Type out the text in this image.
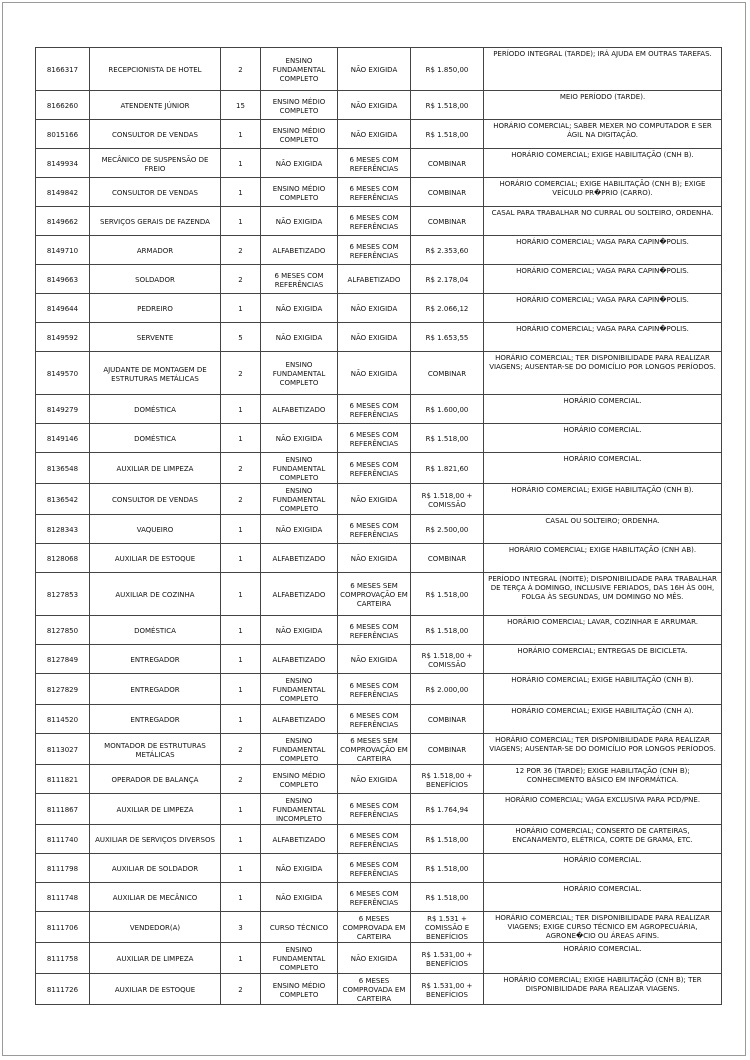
8166317	RECEPCIONISTA DE HOTEL	2	ENSINO FUNDAMENTAL COMPLETO	NÃO EXIGIDA	R$ 1.850,00	PERÍODO INTEGRAL (TARDE); IRÁ AJUDA EM OUTRAS TAREFAS.
8166260	ATENDENTE JÚNIOR	15	ENSINO MÉDIO COMPLETO	NÃO EXIGIDA	R$ 1.518,00	MEIO PERÍODO (TARDE).
8015166	CONSULTOR DE VENDAS	1	ENSINO MÉDIO COMPLETO	NÃO EXIGIDA	R$ 1.518,00	HORÁRIO COMERCIAL; SABER MEXER NO COMPUTADOR E SER ÁGIL NA DIGITAÇÃO.
8149934	MECÂNICO DE SUSPENSÃO DE FREIO	1	NÃO EXIGIDA	6 MESES COM REFERÊNCIAS	COMBINAR	HORÁRIO COMERCIAL; EXIGE HABILITAÇÃO (CNH B).
8149842	CONSULTOR DE VENDAS	1	ENSINO MÉDIO COMPLETO	6 MESES COM REFERÊNCIAS	COMBINAR	HORÁRIO COMERCIAL; EXIGE HABILITAÇÃO (CNH B); EXIGE VEÍCULO PR�PRIO (CARRO).
8149662	SERVIÇOS GERAIS DE FAZENDA	1	NÃO EXIGIDA	6 MESES COM REFERÊNCIAS	COMBINAR	CASAL PARA TRABALHAR NO CURRAL OU SOLTEIRO, ORDENHA.
8149710	ARMADOR	2	ALFABETIZADO	6 MESES COM REFERÊNCIAS	R$ 2.353,60	HORÁRIO COMERCIAL; VAGA PARA CAPIN�POLIS.
8149663	SOLDADOR	2	6 MESES COM REFERÊNCIAS	ALFABETIZADO	R$ 2.178,04	HORÁRIO COMERCIAL; VAGA PARA CAPIN�POLIS.
8149644	PEDREIRO	1	NÃO EXIGIDA	NÃO EXIGIDA	R$ 2.066,12	HORÁRIO COMERCIAL; VAGA PARA CAPIN�POLIS.
8149592	SERVENTE	5	NÃO EXIGIDA	NÃO EXIGIDA	R$ 1.653,55	HORÁRIO COMERCIAL; VAGA PARA CAPIN�POLIS.
8149570	AJUDANTE DE MONTAGEM DE ESTRUTURAS METÁLICAS	2	ENSINO FUNDAMENTAL COMPLETO	NÃO EXIGIDA	COMBINAR	HORÁRIO COMERCIAL; TER DISPONIBILIDADE PARA REALIZAR VIAGENS; AUSENTAR-SE DO DOMICÍLIO POR LONGOS PERÍODOS.
8149279	DOMÉSTICA	1	ALFABETIZADO	6 MESES COM REFERÊNCIAS	R$ 1.600,00	HORÁRIO COMERCIAL.
8149146	DOMÉSTICA	1	NÃO EXIGIDA	6 MESES COM REFERÊNCIAS	R$ 1.518,00	HORÁRIO COMERCIAL.
8136548	AUXILIAR DE LIMPEZA	2	ENSINO FUNDAMENTAL COMPLETO	6 MESES COM REFERÊNCIAS	R$ 1.821,60	HORÁRIO COMERCIAL.
8136542	CONSULTOR DE VENDAS	2	ENSINO FUNDAMENTAL COMPLETO	NÃO EXIGIDA	R$ 1.518,00 + COMISSÃO	HORÁRIO COMERCIAL; EXIGE HABILITAÇÃO (CNH B).
8128343	VAQUEIRO	1	NÃO EXIGIDA	6 MESES COM REFERÊNCIAS	R$ 2.500,00	CASAL OU SOLTEIRO; ORDENHA.
8128068	AUXILIAR DE ESTOQUE	1	ALFABETIZADO	NÃO EXIGIDA	COMBINAR	HORÁRIO COMERCIAL; EXIGE HABILITAÇÃO (CNH AB).
8127853	AUXILIAR DE COZINHA	1	ALFABETIZADO	6 MESES SEM COMPROVAÇÃO EM CARTEIRA	R$ 1.518,00	PERÍODO INTEGRAL (NOITE); DISPONIBILIDADE PARA TRABALHAR DE TERÇA À DOMINGO, INCLUSIVE FERIADOS, DAS 16H ÀS 00H, FOLGA ÀS SEGUNDAS, UM DOMINGO NO MÊS.
8127850	DOMÉSTICA	1	NÃO EXIGIDA	6 MESES COM REFERÊNCIAS	R$ 1.518,00	HORÁRIO COMERCIAL; LAVAR, COZINHAR E ARRUMAR.
8127849	ENTREGADOR	1	ALFABETIZADO	NÃO EXIGIDA	R$ 1.518,00 + COMISSÃO	HORÁRIO COMERCIAL; ENTREGAS DE BICICLETA.
8127829	ENTREGADOR	1	ENSINO FUNDAMENTAL COMPLETO	6 MESES COM REFERÊNCIAS	R$ 2.000,00	HORÁRIO COMERCIAL; EXIGE HABILITAÇÃO (CNH B).
8114520	ENTREGADOR	1	ALFABETIZADO	6 MESES COM REFERÊNCIAS	COMBINAR	HORÁRIO COMERCIAL; EXIGE HABILITAÇÃO (CNH A).
8113027	MONTADOR DE ESTRUTURAS METÁLICAS	2	ENSINO FUNDAMENTAL COMPLETO	6 MESES SEM COMPROVAÇÃO EM CARTEIRA	COMBINAR	HORÁRIO COMERCIAL; TER DISPONIBILIDADE PARA REALIZAR VIAGENS; AUSENTAR-SE DO DOMICÍLIO POR LONGOS PERÍODOS.
8111821	OPERADOR DE BALANÇA	2	ENSINO MÉDIO COMPLETO	NÃO EXIGIDA	R$ 1.518,00 + BENEFÍCIOS	12 POR 36 (TARDE); EXIGE HABILITAÇÃO (CNH B); CONHECIMENTO BÁSICO EM INFORMÁTICA.
8111867	AUXILIAR DE LIMPEZA	1	ENSINO FUNDAMENTAL INCOMPLETO	6 MESES COM REFERÊNCIAS	R$ 1.764,94	HORÁRIO COMERCIAL; VAGA EXCLUSIVA PARA PCD/PNE.
8111740	AUXILIAR DE SERVIÇOS DIVERSOS	1	ALFABETIZADO	6 MESES COM REFERÊNCIAS	R$ 1.518,00	HORÁRIO COMERCIAL; CONSERTO DE CARTEIRAS, ENCANAMENTO, ELÉTRICA, CORTE DE GRAMA, ETC.
8111798	AUXILIAR DE SOLDADOR	1	NÃO EXIGIDA	6 MESES COM REFERÊNCIAS	R$ 1.518,00	HORÁRIO COMERCIAL.
8111748	AUXILIAR DE MECÂNICO	1	NÃO EXIGIDA	6 MESES COM REFERÊNCIAS	R$ 1.518,00	HORÁRIO COMERCIAL.
8111706	VENDEDOR(A)	3	CURSO TÉCNICO	6 MESES COMPROVADA EM CARTEIRA	R$ 1.531 + COMISSÃO E BENEFÍCIOS	HORÁRIO COMERCIAL; TER DISPONIBILIDADE PARA REALIZAR VIAGENS; EXIGE CURSO TÉCNICO EM AGROPECUÁRIA, AGRONE�CIO OU ÁREAS AFINS.
8111758	AUXILIAR DE LIMPEZA	1	ENSINO FUNDAMENTAL COMPLETO	NÃO EXIGIDA	R$ 1.531,00 + BENEFÍCIOS	HORÁRIO COMERCIAL.
8111726	AUXILIAR DE ESTOQUE	2	ENSINO MÉDIO COMPLETO	6 MESES COMPROVADA EM CARTEIRA	R$ 1.531,00 + BENEFÍCIOS	HORÁRIO COMERCIAL; EXIGE HABILITAÇÃO (CNH B); TER DISPONIBILIDADE PARA REALIZAR VIAGENS.
